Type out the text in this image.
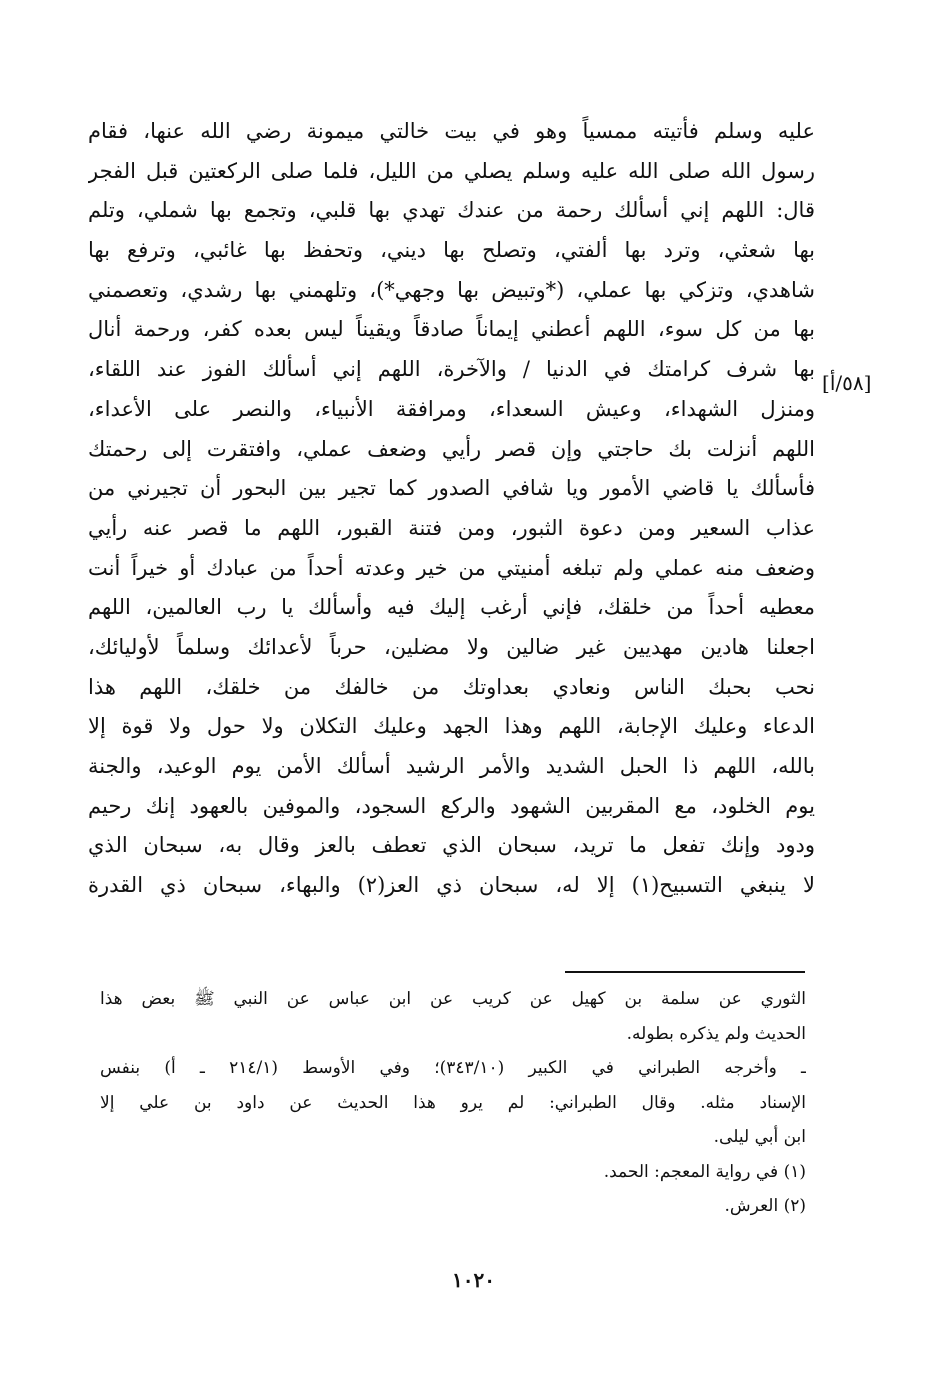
[٥٨/أ]
عليه وسلم فأتيته ممسياً وهو في بيت خالتي ميمونة رضي الله عنها، فقام
رسول الله صلى الله عليه وسلم يصلي من الليل، فلما صلى الركعتين قبل الفجر
قال: اللهم إني أسألك رحمة من عندك تهدي بها قلبي، وتجمع بها شملي، وتلم
بها شعثي، وترد بها ألفتي، وتصلح بها ديني، وتحفظ بها غائبي، وترفع بها
شاهدي، وتزكي بها عملي، (*وتبيض بها وجهي*)، وتلهمني بها رشدي، وتعصمني
بها من كل سوء، اللهم أعطني إيماناً صادقاً ويقيناً ليس بعده كفر، ورحمة أنال
بها شرف كرامتك في الدنيا / والآخرة، اللهم إني أسألك الفوز عند اللقاء،
ومنزل الشهداء، وعيش السعداء، ومرافقة الأنبياء، والنصر على الأعداء،
اللهم أنزلت بك حاجتي وإن قصر رأيي وضعف عملي، وافتقرت إلى رحمتك
فأسألك يا قاضي الأمور ويا شافي الصدور كما تجير بين البحور أن تجيرني من
عذاب السعير ومن دعوة الثبور، ومن فتنة القبور، اللهم ما قصر عنه رأيي
وضعف منه عملي ولم تبلغه أمنيتي من خير وعدته أحداً من عبادك أو خيراً أنت
معطيه أحداً من خلقك، فإني أرغب إليك فيه وأسألك يا رب العالمين، اللهم
اجعلنا هادين مهديين غير ضالين ولا مضلين، حرباً لأعدائك وسلماً لأوليائك،
نحب بحبك الناس ونعادي بعداوتك من خالفك من خلقك، اللهم هذا
الدعاء وعليك الإجابة، اللهم وهذا الجهد وعليك التكلان ولا حول ولا قوة إلا
بالله، اللهم ذا الحبل الشديد والأمر الرشيد أسألك الأمن يوم الوعيد، والجنة
يوم الخلود، مع المقربين الشهود والركع السجود، والموفين بالعهود إنك رحيم
ودود وإنك تفعل ما تريد، سبحان الذي تعطف بالعز وقال به، سبحان الذي
لا ينبغي التسبيح(١) إلا له، سبحان ذي العز(٢) والبهاء، سبحان ذي القدرة
الثوري عن سلمة بن كهيل عن كريب عن ابن عباس عن النبي ﷺ بعض هذا
الحديث ولم يذكره بطوله.
ـ وأخرجه الطبراني في الكبير (٣٤٣/١٠)؛ وفي الأوسط (٢١٤/١ ـ أ) بنفس
الإسناد مثله. وقال الطبراني: لم يرو هذا الحديث عن داود بن علي إلا
ابن أبي ليلى.
(١) في رواية المعجم: الحمد.
(٢) العرش.
١٠٢٠
